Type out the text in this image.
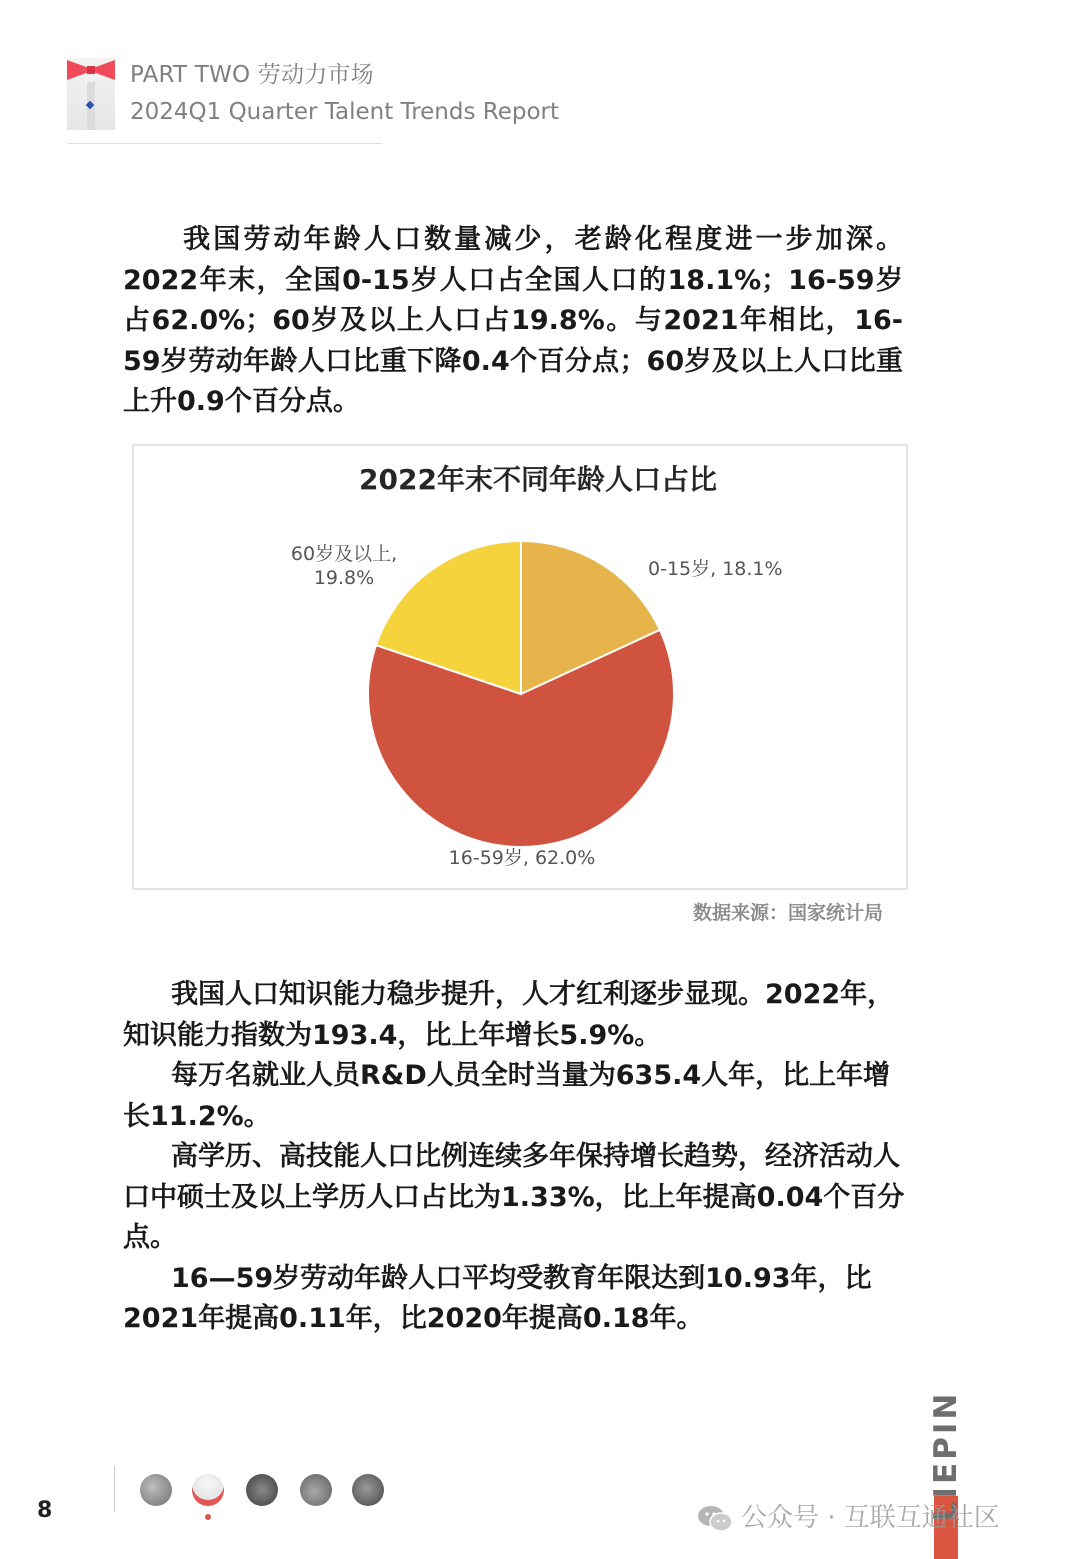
PART TWO 劳动力市场
2024Q1 Quarter Talent Trends Report

我国劳动年龄人口数量减少，老龄化程度进一步加深。2022年末，全国0-15岁人口占全国人口的18.1%；16-59岁占62.0%；60岁及以上人口占19.8%。与2021年相比，16-59岁劳动年龄人口比重下降0.4个百分点；60岁及以上人口比重上升0.9个百分点。

2022年末不同年龄人口占比
0-15岁, 18.1%
16-59岁, 62.0%
60岁及以上, 19.8%
数据来源：国家统计局

我国人口知识能力稳步提升，人才红利逐步显现。2022年，知识能力指数为193.4，比上年增长5.9%。

每万名就业人员R&D人员全时当量为635.4人年，比上年增长11.2%。

高学历、高技能人口比例连续多年保持增长趋势，经济活动人口中硕士及以上学历人口占比为1.33%，比上年提高0.04个百分点。

16—59岁劳动年龄人口平均受教育年限达到10.93年，比2021年提高0.11年，比2020年提高0.18年。

8	LIEPIN
公众号 · 互联互通社区
